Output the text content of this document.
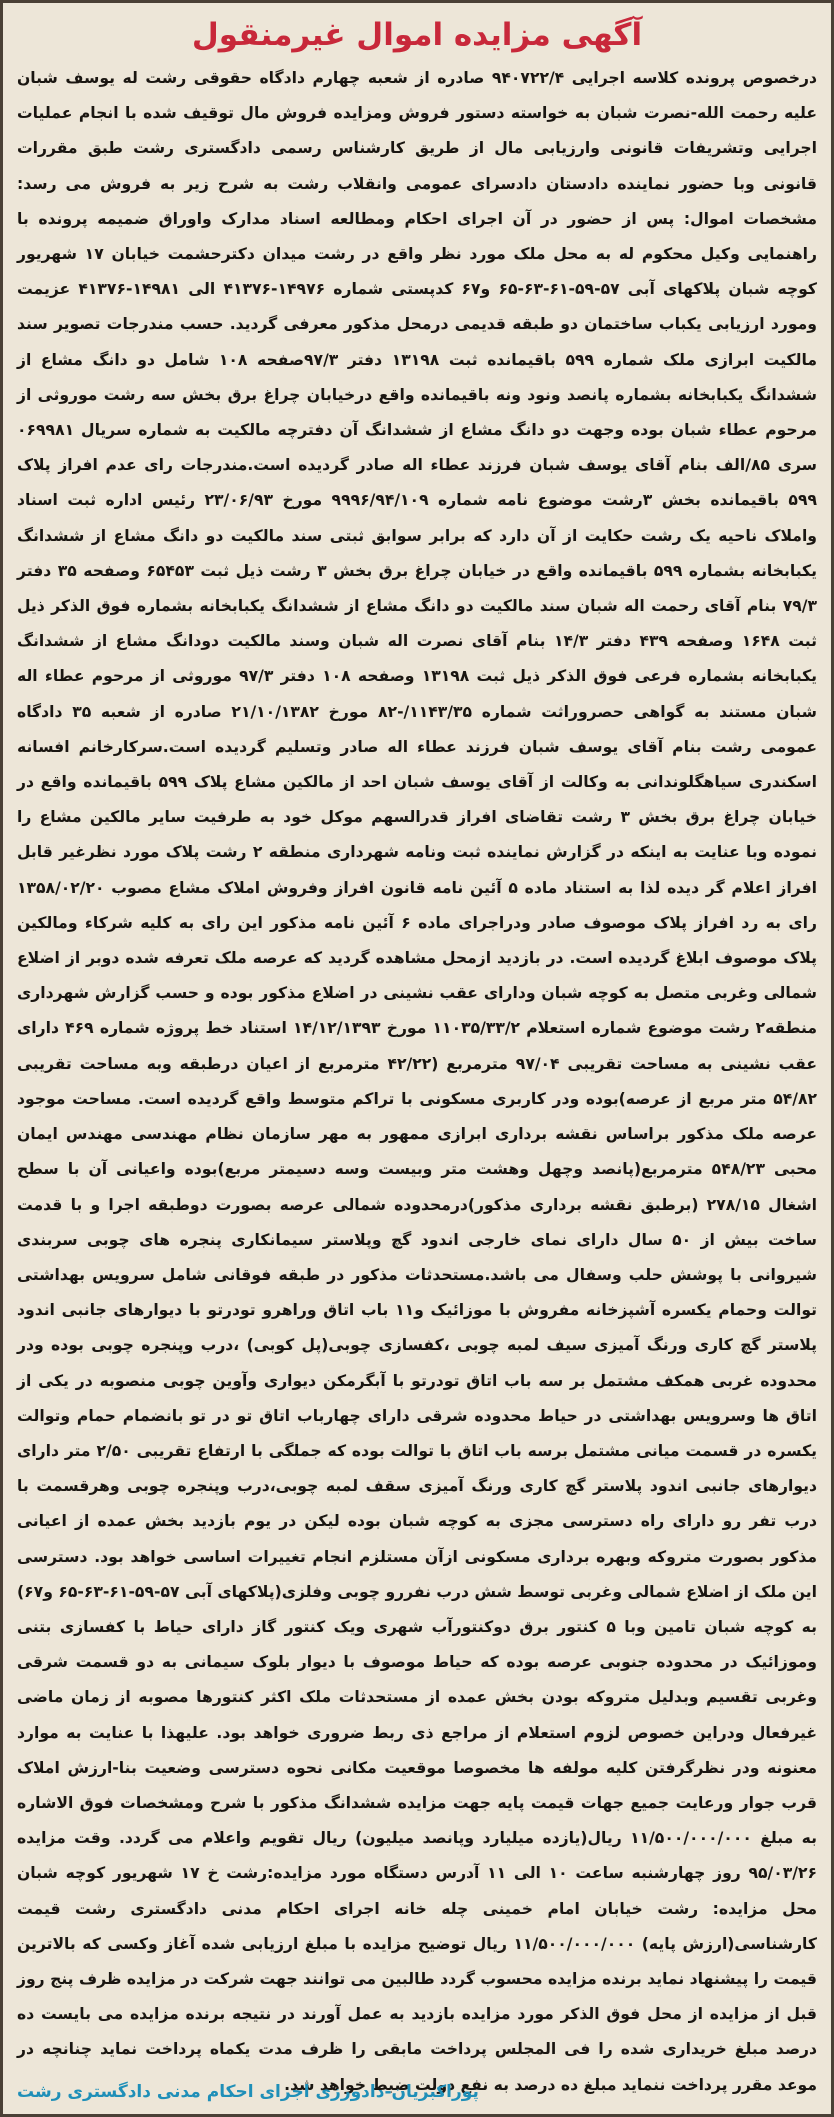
آگهی مزایده اموال غیرمنقول

درخصوص پرونده کلاسه اجرایی ۹۴۰۷۲۲/۴ صادره از شعبه چهارم دادگاه حقوقی رشت له یوسف شبان علیه رحمت الله-نصرت شبان به خواسته دستور فروش ومزایده فروش مال توقیف شده با انجام عملیات اجرایی وتشریفات قانونی وارزیابی مال از طریق کارشناس رسمی دادگستری رشت طبق مقررات قانونی وبا حضور نماینده دادستان دادسرای عمومی وانقلاب رشت به شرح زیر به فروش می رسد: مشخصات اموال: پس از حضور در آن اجرای احکام ومطالعه اسناد مدارک واوراق ضمیمه پرونده با راهنمایی وکیل محکوم له به محل ملک مورد نظر واقع در رشت میدان دکترحشمت خیابان ۱۷ شهریور کوچه شبان پلاکهای آبی ۵۷-۵۹-۶۱-۶۳-۶۵ و۶۷ کدپستی شماره ۱۴۹۷۶-۴۱۳۷۶ الی ۱۴۹۸۱-۴۱۳۷۶ عزیمت ومورد ارزیابی یکباب ساختمان دو طبقه قدیمی درمحل مذکور معرفی گردید. حسب مندرجات تصویر سند مالکیت ابرازی ملک شماره ۵۹۹ باقیمانده ثبت ۱۳۱۹۸ دفتر ۹۷/۳صفحه ۱۰۸ شامل دو دانگ مشاع از ششدانگ یکبابخانه بشماره پانصد ونود ونه باقیمانده واقع درخیابان چراغ برق بخش سه رشت موروثی از مرحوم عطاء شبان بوده وجهت دو دانگ مشاع از ششدانگ آن دفترچه مالکیت به شماره سریال ۰۶۹۹۸۱ سری ۸۵/الف بنام آقای یوسف شبان فرزند عطاء اله صادر گردیده است.مندرجات رای عدم افراز پلاک ۵۹۹ باقیمانده بخش ۳رشت موضوع نامه شماره ۹۹۹۶/۹۴/۱۰۹ مورخ ۲۳/۰۶/۹۳ رئیس اداره ثبت اسناد واملاک ناحیه یک رشت حکایت از آن دارد که برابر سوابق ثبتی سند مالکیت دو دانگ مشاع از ششدانگ یکبابخانه بشماره ۵۹۹ باقیمانده واقع در خیابان چراغ برق بخش ۳ رشت ذیل ثبت ۶۵۴۵۳ وصفحه ۳۵ دفتر ۷۹/۳ بنام آقای رحمت اله شبان سند مالکیت دو دانگ مشاع از ششدانگ یکبابخانه بشماره فوق الذکر ذیل ثبت ۱۶۴۸ وصفحه ۴۳۹ دفتر ۱۴/۳ بنام آقای نصرت اله شبان وسند مالکیت دودانگ مشاع از ششدانگ یکبابخانه بشماره فرعی فوق الذکر ذیل ثبت ۱۳۱۹۸ وصفحه ۱۰۸ دفتر ۹۷/۳ موروثی از مرحوم عطاء اله شبان مستند به گواهی حصروراثت شماره ۱۱۴۳/۳۵/-۸۲ مورخ ۲۱/۱۰/۱۳۸۲ صادره از شعبه ۳۵ دادگاه عمومی رشت بنام آقای یوسف شبان فرزند عطاء اله صادر وتسلیم گردیده است.سرکارخانم افسانه اسکندری سیاهگلوندانی به وکالت از آقای یوسف شبان احد از مالکین مشاع پلاک ۵۹۹ باقیمانده واقع در خیابان چراغ برق بخش ۳ رشت تقاضای افراز قدرالسهم موکل خود به طرفیت سایر مالکین مشاع را نموده وبا عنایت به اینکه در گزارش نماینده ثبت ونامه شهرداری منطقه ۲ رشت پلاک مورد نظرغیر قابل افراز اعلام گر دیده لذا به استناد ماده ۵ آئین نامه قانون افراز وفروش املاک مشاع مصوب ۱۳۵۸/۰۲/۲۰ رای به رد افراز پلاک موصوف صادر ودراجرای ماده ۶ آئین نامه مذکور این رای به کلیه شرکاء ومالکین پلاک موصوف ابلاغ گردیده است. در بازدید ازمحل مشاهده گردید که عرصه ملک تعرفه شده دوبر از اضلاع شمالی وغربی متصل به کوچه شبان ودارای عقب نشینی در اضلاع مذکور بوده و حسب گزارش شهرداری منطقه۲ رشت موضوع شماره استعلام ۱۱۰۳۵/۳۳/۲ مورخ ۱۴/۱۲/۱۳۹۳ استناد خط پروژه شماره ۴۶۹ دارای عقب نشینی به مساحت تقریبی ۹۷/۰۴ مترمربع (۴۲/۲۲ مترمربع از اعیان درطبقه وبه مساحت تقریبی ۵۴/۸۲ متر مربع از عرصه)بوده ودر کاربری مسکونی با تراکم متوسط واقع گردیده است. مساحت موجود عرصه ملک مذکور براساس نقشه برداری ابرازی ممهور به مهر سازمان نظام مهندسی مهندس ایمان محبی ۵۴۸/۲۳ مترمربع(پانصد وچهل وهشت متر وبیست وسه دسیمتر مربع)بوده واعیانی آن با سطح اشغال ۲۷۸/۱۵ (برطبق نقشه برداری مذکور)درمحدوده شمالی عرصه بصورت دوطبقه اجرا و با قدمت ساخت بیش از ۵۰ سال دارای نمای خارجی اندود گچ وپلاستر سیمانکاری پنجره های چوبی سربندی شیروانی با پوشش حلب وسفال می باشد.مستحدثات مذکور در طبقه فوقانی شامل سرویس بهداشتی توالت وحمام یکسره آشپزخانه مفروش با موزائیک و۱۱ باب اتاق وراهرو تودرتو با دیوارهای جانبی اندود پلاستر گچ کاری ورنگ آمیزی سیف لمبه چوبی ،کفسازی چوبی(پل کوبی) ،درب وپنجره چوبی بوده ودر محدوده غربی همکف مشتمل بر سه باب اتاق تودرتو با آبگرمکن دیواری وآوین چوبی منصوبه در یکی از اتاق ها وسرویس بهداشتی در حیاط محدوده شرقی دارای چهارباب اتاق تو در تو بانضمام حمام وتوالت یکسره در قسمت میانی مشتمل برسه باب اتاق با توالت بوده که جملگی با ارتفاع تقریبی ۲/۵۰ متر دارای دیوارهای جانبی اندود پلاستر گچ کاری ورنگ آمیزی سقف لمبه چوبی،درب وپنجره چوبی وهرقسمت با درب تفر رو دارای راه دسترسی مجزی به کوچه شبان بوده لیکن در یوم بازدید بخش عمده از اعیانی مذکور بصورت متروکه وبهره برداری مسکونی ازآن مستلزم انجام تغییرات اساسی خواهد بود. دسترسی این ملک از اضلاع شمالی وغربی توسط شش درب نفررو چوبی وفلزی(پلاکهای آبی ۵۷-۵۹-۶۱-۶۳-۶۵ و۶۷) به کوچه شبان تامین وبا ۵ کنتور برق دوکنتورآب شهری ویک کنتور گاز دارای حیاط با کفسازی بتنی وموزائیک در محدوده جنوبی عرصه بوده که حیاط موصوف با دیوار بلوک سیمانی به دو قسمت شرقی وغربی تقسیم وبدلیل متروکه بودن بخش عمده از مستحدثات ملک اکثر کنتورها مصوبه از زمان ماضی غیرفعال ودراین خصوص لزوم استعلام از مراجع ذی ربط ضروری خواهد بود. علیهذا با عنایت به موارد معنونه ودر نظرگرفتن کلیه مولفه ها مخصوصا موقعیت مکانی نحوه دسترسی وضعیت بنا-ارزش املاک قرب جوار ورعایت جمیع جهات قیمت پایه جهت مزایده ششدانگ مذکور با شرح ومشخصات فوق الاشاره به مبلغ ۱۱/۵۰۰/۰۰۰/۰۰۰ ریال(یازده میلیارد وپانصد میلیون) ریال تقویم واعلام می گردد. وقت مزایده ۹۵/۰۳/۲۶ روز چهارشنبه ساعت ۱۰ الی ۱۱ آدرس دستگاه مورد مزایده:رشت خ ۱۷ شهریور کوچه شبان محل مزایده: رشت خیابان امام خمینی چله خانه اجرای احکام مدنی دادگستری رشت قیمت کارشناسی(ارزش پایه) ۱۱/۵۰۰/۰۰۰/۰۰۰ ریال توضیح مزایده با مبلغ ارزیابی شده آغاز وکسی که بالاترین قیمت را پیشنهاد نماید برنده مزایده محسوب گردد طالبین می توانند جهت شرکت در مزایده ظرف پنج روز قبل از مزایده از محل فوق الذکر مورد مزایده بازدید به عمل آورند در نتیجه برنده مزایده می بایست ده درصد مبلغ خریداری شده را فی المجلس پرداخت مابقی را ظرف مدت یکماه پرداخت نماید چنانچه در موعد مقرر پرداخت ننماید مبلغ ده درصد به نفع دولت ضبط خواهد شد.

پوراکبریان-دادورزی اجرای احکام مدنی دادگستری رشت
